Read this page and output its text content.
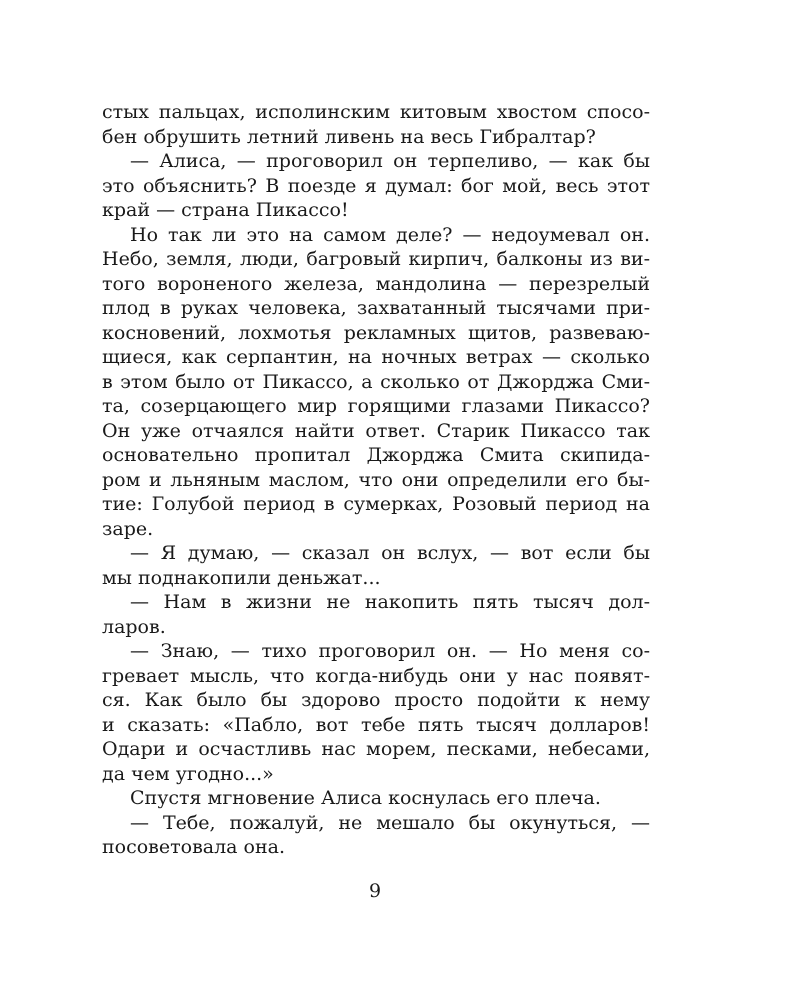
стых пальцах, исполинским китовым хвостом спосо-
бен обрушить летний ливень на весь Гибралтар?
— Алиса, — проговорил он терпеливо, — как бы
это объяснить? В поезде я думал: бог мой, весь этот
край — страна Пикассо!
Но так ли это на самом деле? — недоумевал он.
Небо, земля, люди, багровый кирпич, балконы из ви-
того вороненого железа, мандолина — перезрелый
плод в руках человека, захватанный тысячами при-
косновений, лохмотья рекламных щитов, развеваю-
щиеся, как серпантин, на ночных ветрах — сколько
в этом было от Пикассо, а сколько от Джорджа Сми-
та, созерцающего мир горящими глазами Пикассо?
Он уже отчаялся найти ответ. Старик Пикассо так
основательно пропитал Джорджа Смита скипида-
ром и льняным маслом, что они определили его бы-
тие: Голубой период в сумерках, Розовый период на
заре.
— Я думаю, — сказал он вслух, — вот если бы
мы поднакопили деньжат...
— Нам в жизни не накопить пять тысяч дол-
ларов.
— Знаю, — тихо проговорил он. — Но меня со-
гревает мысль, что когда-нибудь они у нас появят-
ся. Как было бы здорово просто подойти к нему
и сказать: «Пабло, вот тебе пять тысяч долларов!
Одари и осчастливь нас морем, песками, небесами,
да чем угодно...»
Спустя мгновение Алиса коснулась его плеча.
— Тебе, пожалуй, не мешало бы окунуться, —
посоветовала она.
9
